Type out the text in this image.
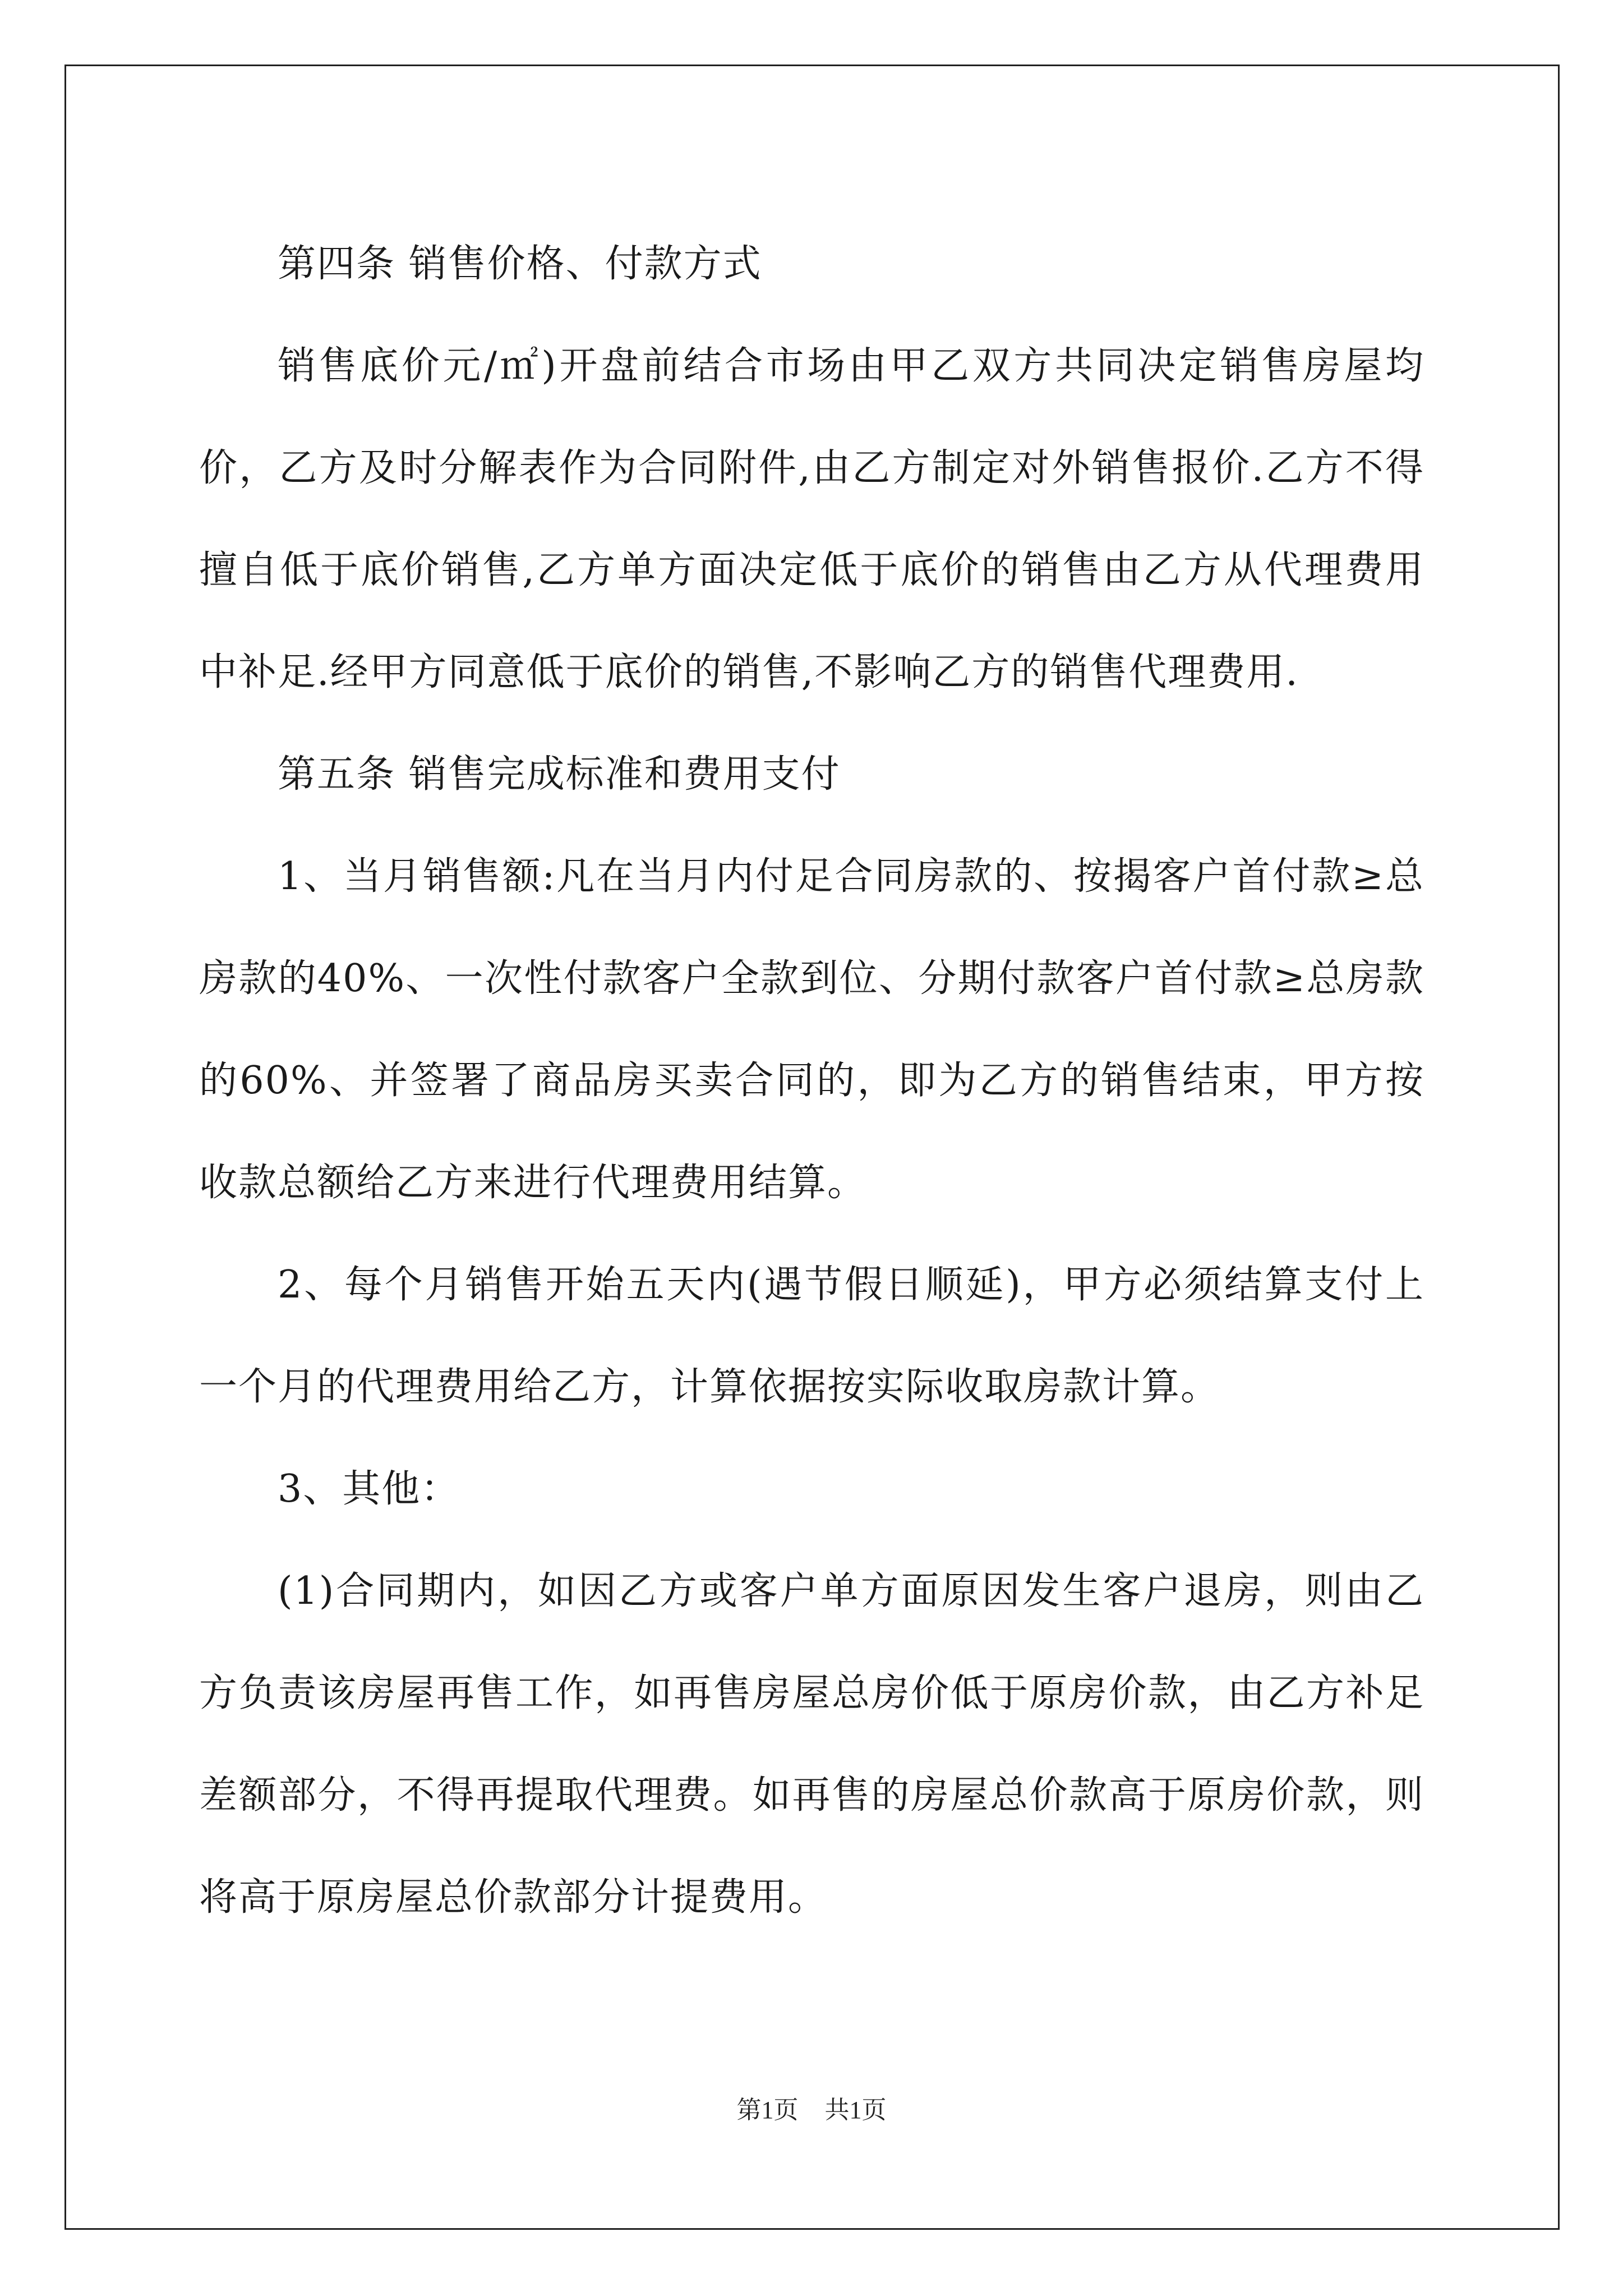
第四条 销售价格、付款方式

销售底价元/㎡)开盘前结合市场由甲乙双方共同决定销售房屋均价，乙方及时分解表作为合同附件,由乙方制定对外销售报价.乙方不得擅自低于底价销售,乙方单方面决定低于底价的销售由乙方从代理费用中补足.经甲方同意低于底价的销售,不影响乙方的销售代理费用.

第五条 销售完成标准和费用支付

1、当月销售额:凡在当月内付足合同房款的、按揭客户首付款≥总房款的40%、一次性付款客户全款到位、分期付款客户首付款≥总房款的60%、并签署了商品房买卖合同的，即为乙方的销售结束，甲方按收款总额给乙方来进行代理费用结算。

2、每个月销售开始五天内(遇节假日顺延)，甲方必须结算支付上一个月的代理费用给乙方，计算依据按实际收取房款计算。

3、其他：

(1)合同期内，如因乙方或客户单方面原因发生客户退房，则由乙方负责该房屋再售工作，如再售房屋总房价低于原房价款，由乙方补足差额部分，不得再提取代理费。如再售的房屋总价款高于原房价款，则将高于原房屋总价款部分计提费用。

第1页 共1页
